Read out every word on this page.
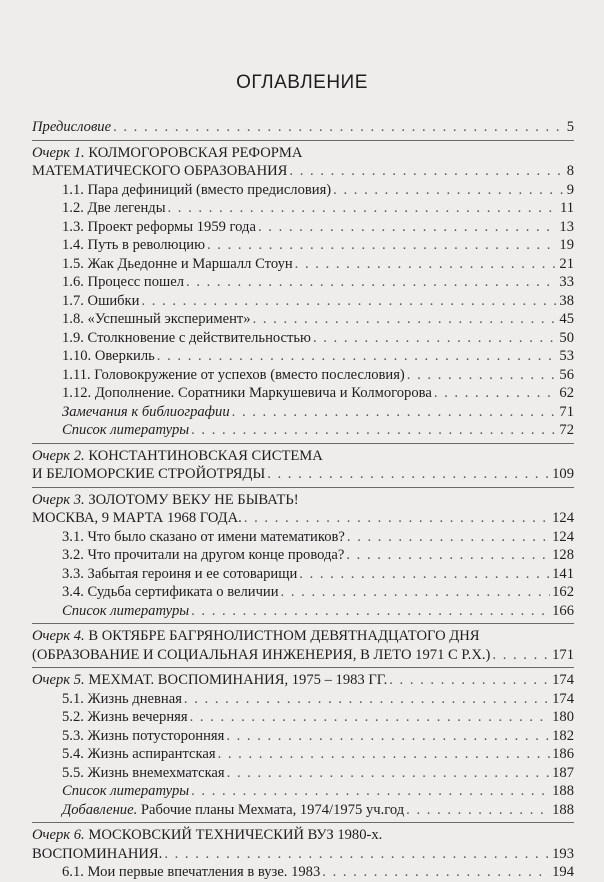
ОГЛАВЛЕНИЕ
Предисловие . . .	5
Очерк 1. КОЛМОГОРОВСКАЯ РЕФОРМА
МАТЕМАТИЧЕСКОГО ОБРАЗОВАНИЯ . . .	8
1.1. Пара дефиниций (вместо предисловия) . . .	9
1.2. Две легенды . . .	11
1.3. Проект реформы 1959 года . . .	13
1.4. Путь в революцию . . .	19
1.5. Жак Дьедонне и Маршалл Стоун . . .	21
1.6. Процесс пошел . . .	33
1.7. Ошибки . . .	38
1.8. «Успешный эксперимент» . . .	45
1.9. Столкновение с действительностью . . .	50
1.10. Оверкиль . . .	53
1.11. Головокружение от успехов (вместо послесловия) . . .	56
1.12. Дополнение. Соратники Маркушевича и Колмогорова . . .	62
Замечания к библиографии . . .	71
Список литературы . . .	72
Очерк 2. КОНСТАНТИНОВСКАЯ СИСТЕМА
И БЕЛОМОРСКИЕ СТРОЙОТРЯДЫ . . .	109
Очерк 3. ЗОЛОТОМУ ВЕКУ НЕ БЫВАТЬ!
МОСКВА, 9 МАРТА 1968 ГОДА. . . .	124
3.1. Что было сказано от имени математиков? . . .	124
3.2. Что прочитали на другом конце провода? . . .	128
3.3. Забытая героиня и ее сотоварищи . . .	141
3.4. Судьба сертификата о величии . . .	162
Список литературы . . .	166
Очерк 4. В ОКТЯБРЕ БАГРЯНОЛИСТНОМ ДЕВЯТНАДЦАТОГО ДНЯ
(ОБРАЗОВАНИЕ И СОЦИАЛЬНАЯ ИНЖЕНЕРИЯ, В ЛЕТО 1971 С Р.Х.) . . .	171
Очерк 5. МЕХМАТ. ВОСПОМИНАНИЯ, 1975 – 1983 ГГ. . . .	174
5.1. Жизнь дневная . . .	174
5.2. Жизнь вечерняя . . .	180
5.3. Жизнь потусторонняя . . .	182
5.4. Жизнь аспирантская . . .	186
5.5. Жизнь внемехматская . . .	187
Список литературы . . .	188
Добавление. Рабочие планы Мехмата, 1974/1975 уч.год . . .	188
Очерк 6. МОСКОВСКИЙ ТЕХНИЧЕСКИЙ ВУЗ 1980-х.
ВОСПОМИНАНИЯ. . . .	193
6.1. Мои первые впечатления в вузе. 1983 . . .	194
